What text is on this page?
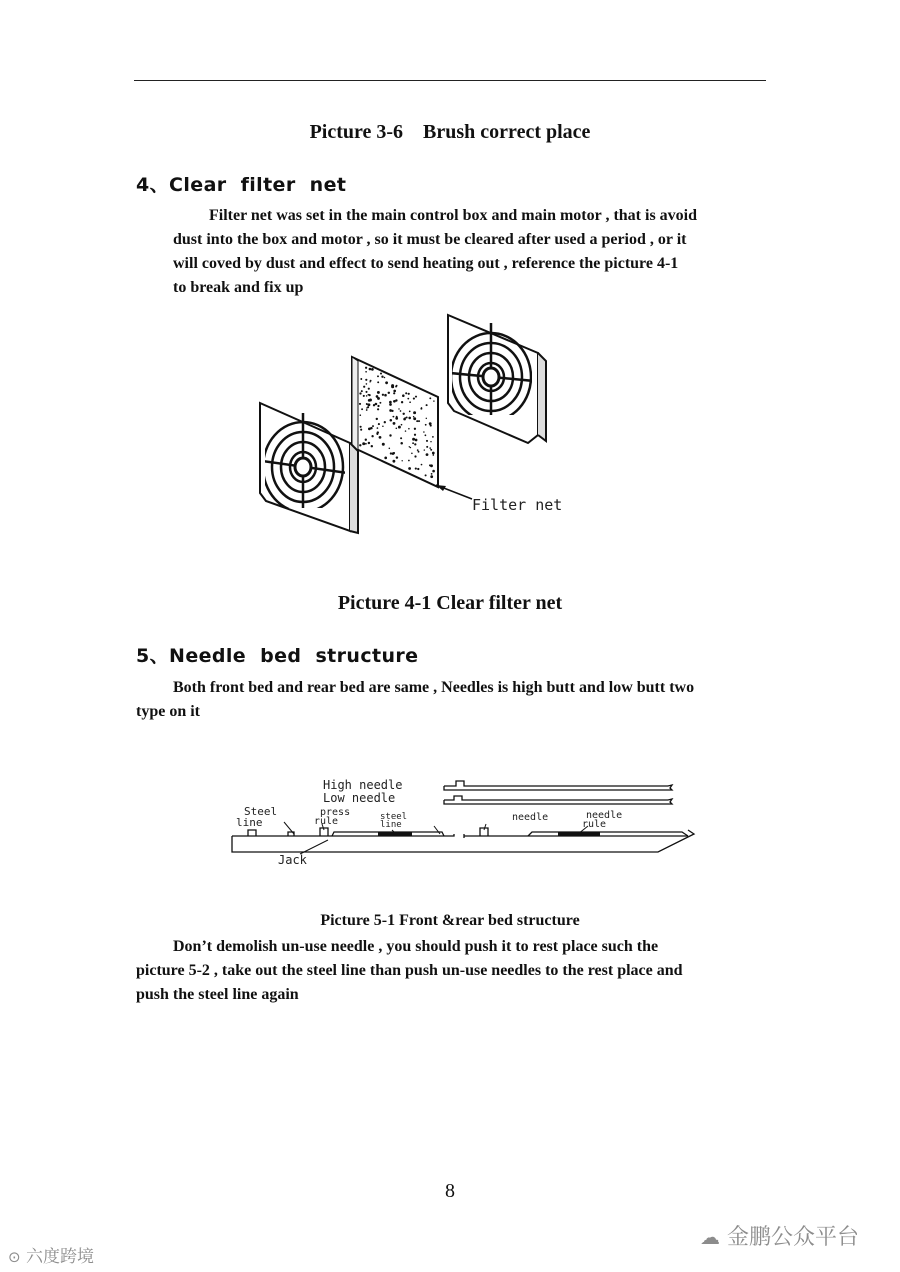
Picture 3-6    Brush correct place
4、Clear  filter  net
Filter net was set in the main control box and main motor , that is avoid
dust into the box and motor , so it must be cleared after used a period , or it
will coved by dust and effect to send heating out , reference the picture 4-1
to break and fix up
Filter net
Picture 4-1 Clear filter net
5、Needle  bed  structure
Both front bed and rear bed are same , Needles is high butt and low butt two
type on it
High needle
Low needle
Steel
line
press
rule	steel
line
needle	needle
rule
Jack
Picture 5-1 Front &rear bed structure
Don’t demolish un-use needle , you should push it to rest place such the
picture 5-2 , take out the steel line than push un-use needles to the rest place and
push the steel line again
8
⊙ 六度跨境
☁ 金鹏公众平台
